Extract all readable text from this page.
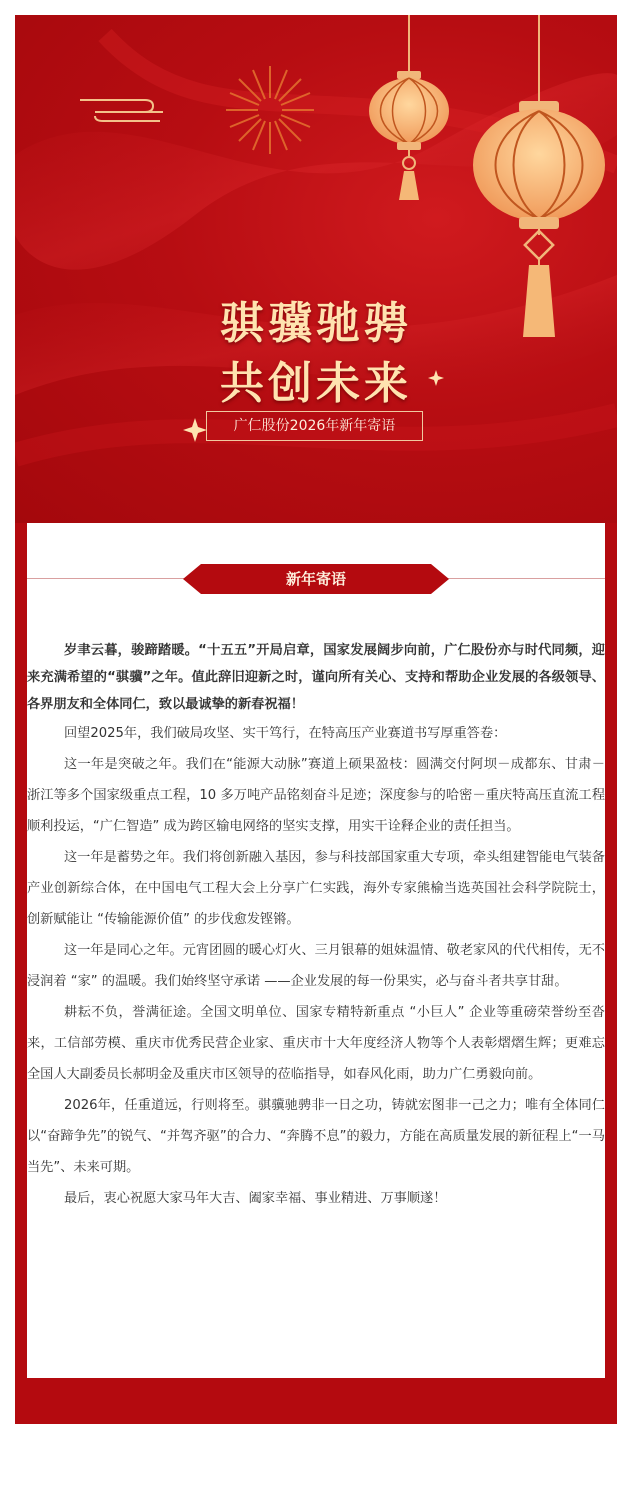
骐骥驰骋
共创未来
广仁股份2026年新年寄语
新年寄语

岁聿云暮，骏蹄踏暖。“十五五”开局启章，国家发展阔步向前，广仁股份亦与时代同频，迎来充满希望的“骐骥”之年。值此辞旧迎新之时，谨向所有关心、支持和帮助企业发展的各级领导、各界朋友和全体同仁，致以最诚挚的新春祝福！

回望2025年，我们破局攻坚、实干笃行，在特高压产业赛道书写厚重答卷：

这一年是突破之年。我们在“能源大动脉”赛道上硕果盈枝：圆满交付阿坝－成都东、甘肃－浙江等多个国家级重点工程，10 多万吨产品铭刻奋斗足迹；深度参与的哈密－重庆特高压直流工程顺利投运，“广仁智造” 成为跨区输电网络的坚实支撑，用实干诠释企业的责任担当。

这一年是蓄势之年。我们将创新融入基因，参与科技部国家重大专项，牵头组建智能电气装备产业创新综合体，在中国电气工程大会上分享广仁实践，海外专家熊榆当选英国社会科学院院士，创新赋能让 “传输能源价值” 的步伐愈发铿锵。

这一年是同心之年。元宵团圆的暖心灯火、三月银幕的姐妹温情、敬老家风的代代相传，无不浸润着 “家” 的温暖。我们始终坚守承诺 ——企业发展的每一份果实，必与奋斗者共享甘甜。

耕耘不负，誉满征途。全国文明单位、国家专精特新重点 “小巨人” 企业等重磅荣誉纷至沓来，工信部劳模、重庆市优秀民营企业家、重庆市十大年度经济人物等个人表彰熠熠生辉；更难忘全国人大副委员长郝明金及重庆市区领导的莅临指导，如春风化雨，助力广仁勇毅向前。

2026年，任重道远，行则将至。骐骥驰骋非一日之功，铸就宏图非一己之力；唯有全体同仁以“奋蹄争先”的锐气、“并驾齐驱”的合力、“奔腾不息”的毅力，方能在高质量发展的新征程上“一马当先”、未来可期。

最后，衷心祝愿大家马年大吉、阖家幸福、事业精进、万事顺遂！
